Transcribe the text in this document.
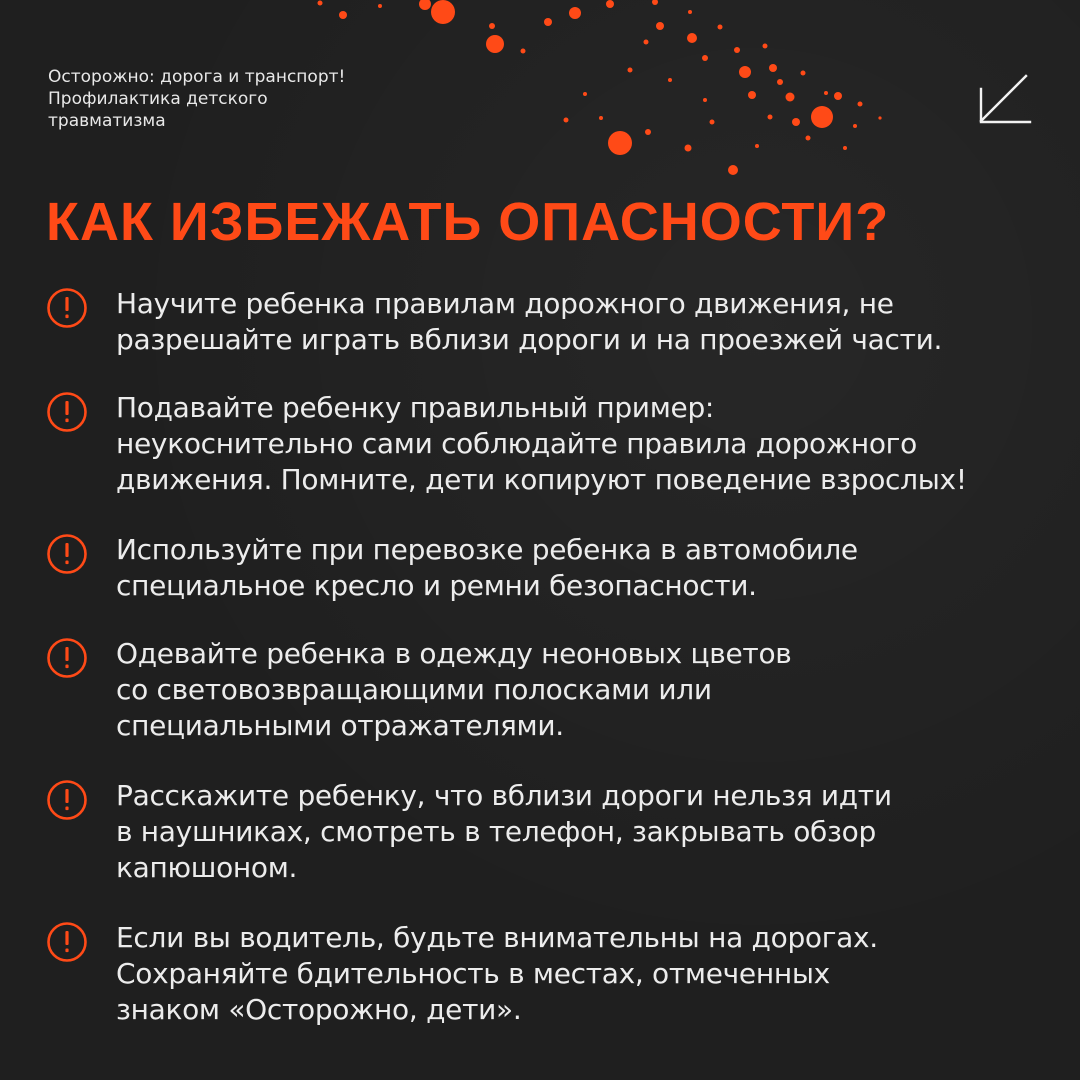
Осторожно: дорога и транспорт!
Профилактика детского
травматизма

КАК ИЗБЕЖАТЬ ОПАСНОСТИ?

Научите ребенка правилам дорожного движения, не
разрешайте играть вблизи дороги и на проезжей части.

Подавайте ребенку правильный пример:
неукоснительно сами соблюдайте правила дорожного
движения. Помните, дети копируют поведение взрослых!

Используйте при перевозке ребенка в автомобиле
специальное кресло и ремни безопасности.

Одевайте ребенка в одежду неоновых цветов
со световозвращающими полосками или
специальными отражателями.

Расскажите ребенку, что вблизи дороги нельзя идти
в наушниках, смотреть в телефон, закрывать обзор
капюшоном.

Если вы водитель, будьте внимательны на дорогах.
Сохраняйте бдительность в местах, отмеченных
знаком «Осторожно, дети».
